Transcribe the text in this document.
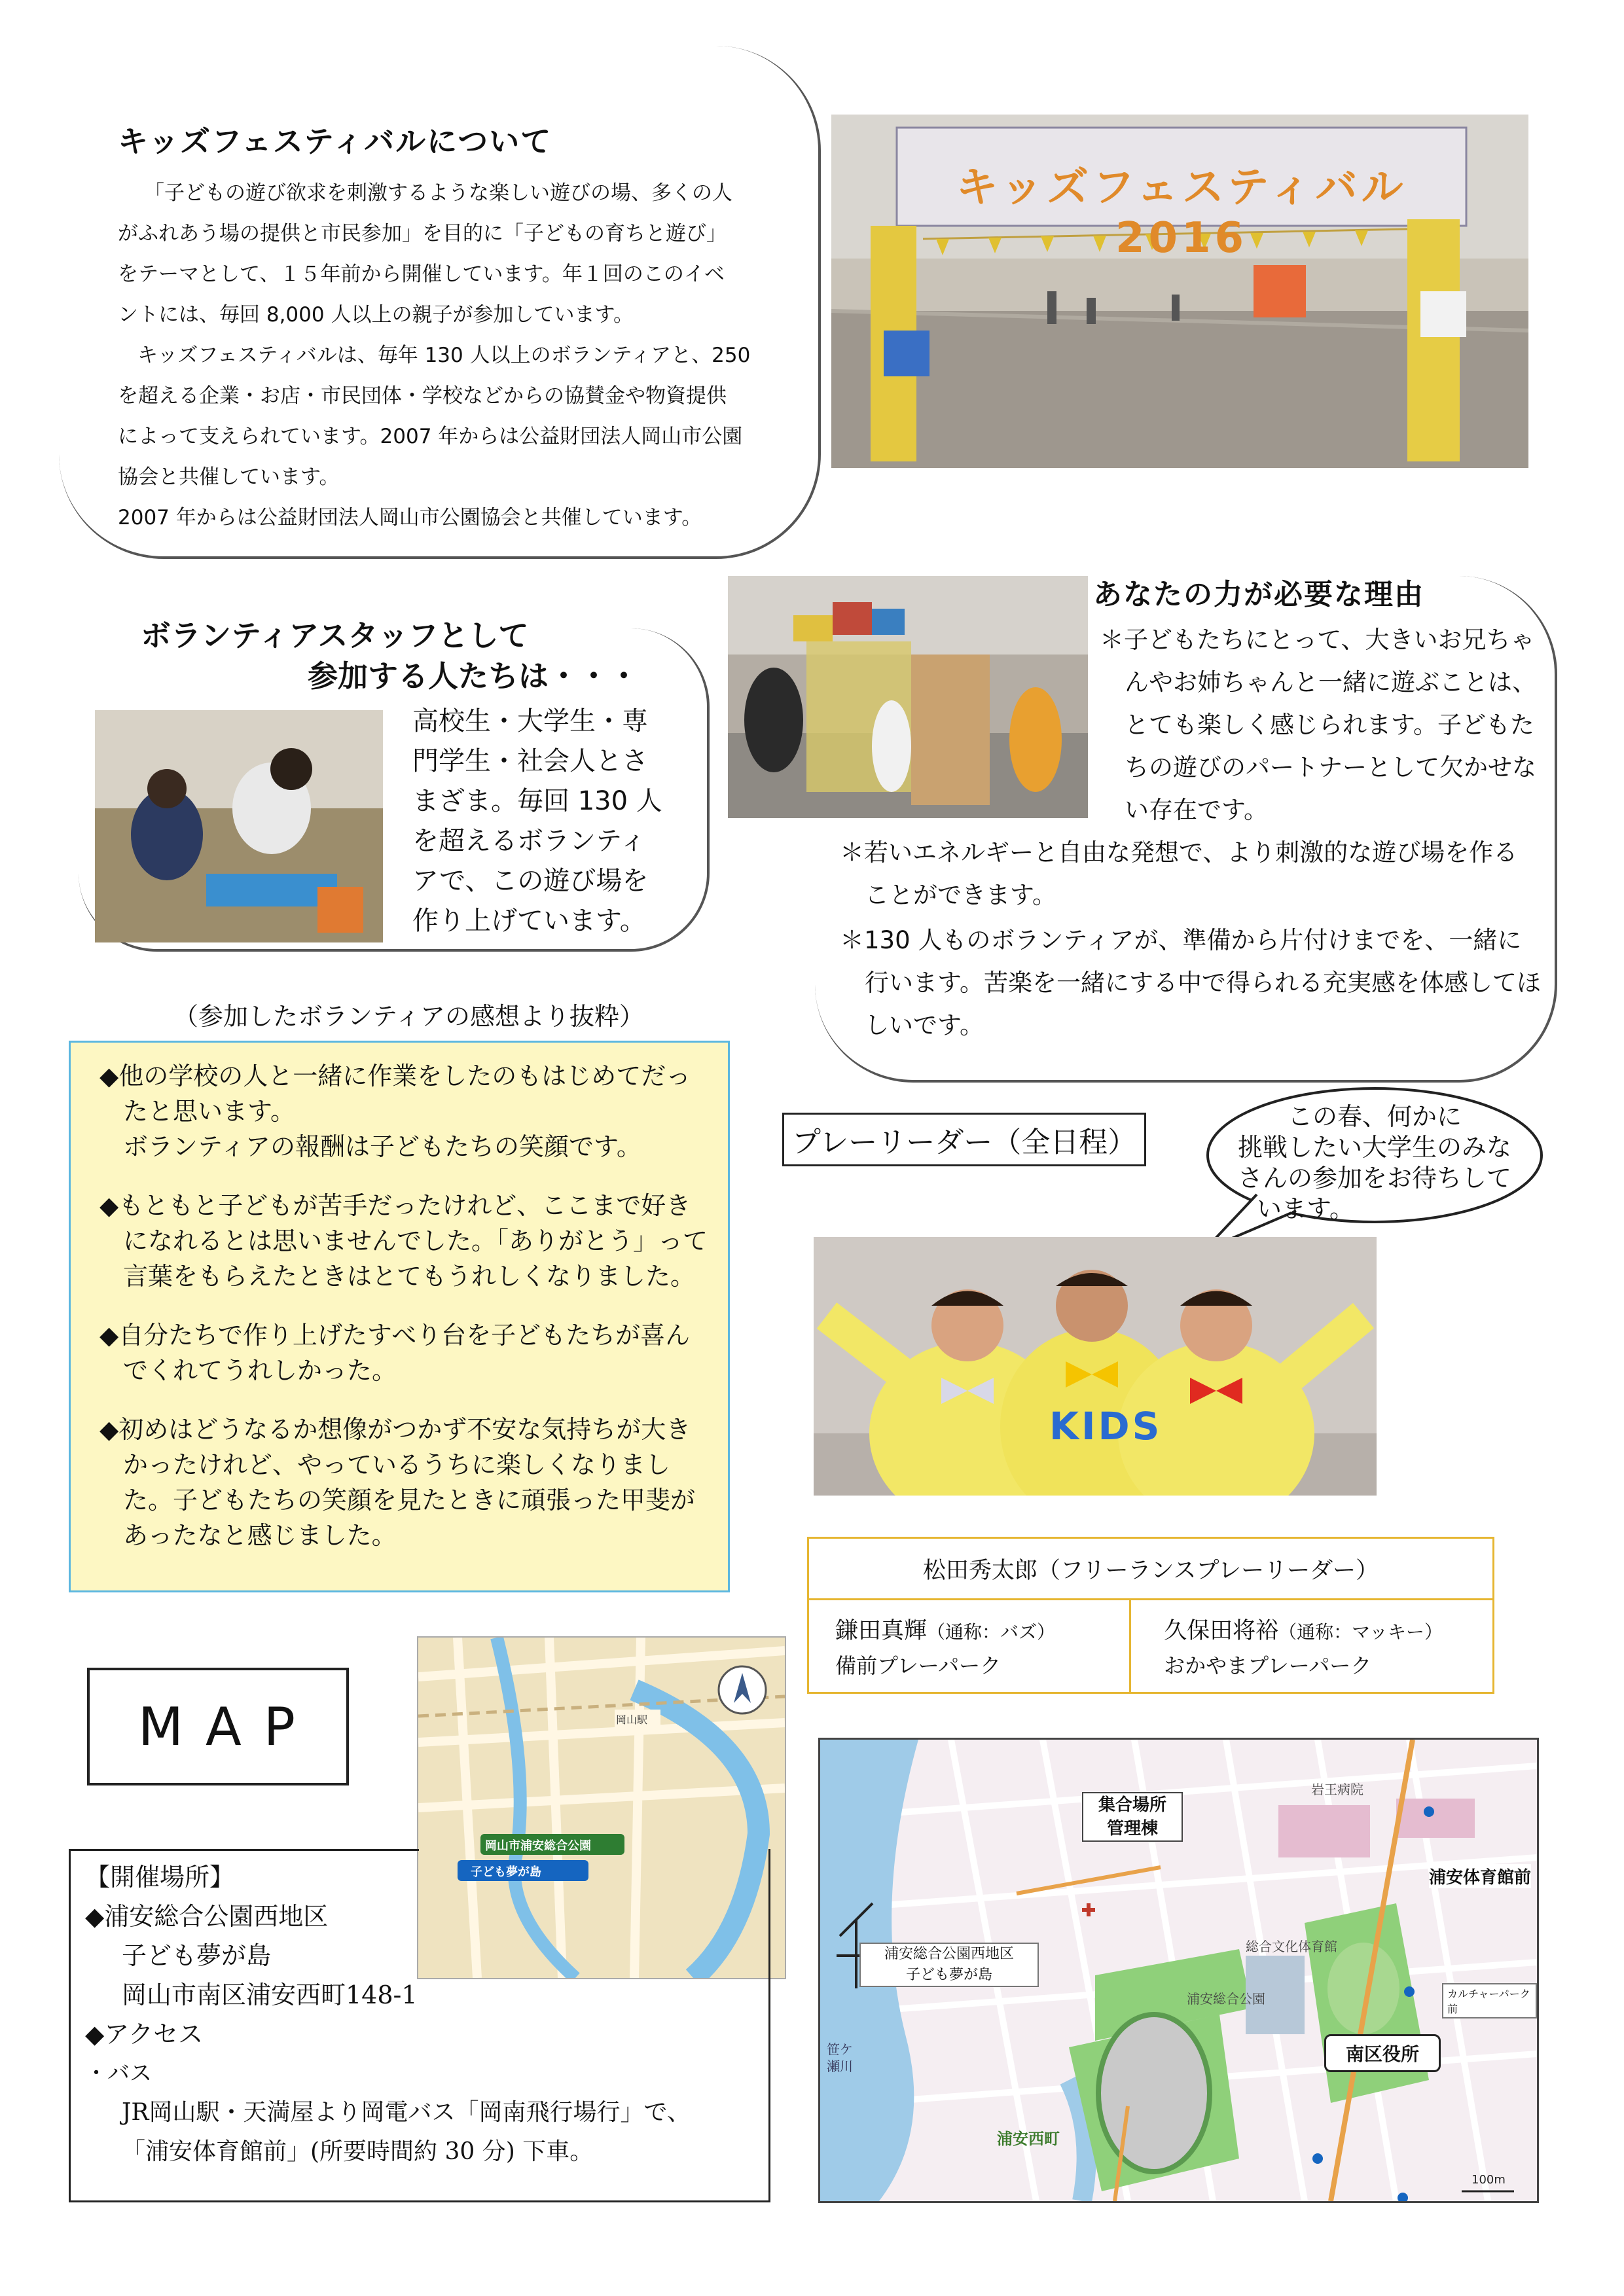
キッズフェスティバルについて
「子どもの遊び欲求を刺激するような楽しい遊びの場、多くの人
がふれあう場の提供と市民参加」を目的に「子どもの育ちと遊び」
をテーマとして、１５年前から開催しています。年１回のこのイベ
ントには、毎回 8,000 人以上の親子が参加しています。
キッズフェスティバルは、毎年 130 人以上のボランティアと、250
を超える企業・お店・市民団体・学校などからの協賛金や物資提供
によって支えられています。2007 年からは公益財団法人岡山市公園
協会と共催しています。
2007 年からは公益財団法人岡山市公園協会と共催しています。
キッズフェスティバル2016
ボランティアスタッフとして
参加する人たちは・・・
高校生・大学生・専
門学生・社会人とさ
まざま。毎回 130 人
を超えるボランティ
アで、この遊び場を
作り上げています。
あなたの力が必要な理由

＊子どもたちにとって、大きいお兄ちゃんやお姉ちゃんと一緒に遊ぶことは、とても楽しく感じられます。子どもたちの遊びのパートナーとして欠かせない存在です。

＊若いエネルギーと自由な発想で、より刺激的な遊び場を作ることができます。

＊130 人ものボランティアが、準備から片付けまでを、一緒に行います。苦楽を一緒にする中で得られる充実感を体感してほしいです。

（参加したボランティアの感想より抜粋）

◆他の学校の人と一緒に作業をしたのもはじめてだったと思います。

ボランティアの報酬は子どもたちの笑顔です。

◆もともと子どもが苦手だったけれど、ここまで好きになれるとは思いませんでした。「ありがとう」って言葉をもらえたときはとてもうれしくなりました。

◆自分たちで作り上げたすべり台を子どもたちが喜んでくれてうれしかった。

◆初めはどうなるか想像がつかず不安な気持ちが大きかったけれど、やっているうちに楽しくなりました。子どもたちの笑顔を見たときに頑張った甲斐があったなと感じました。

プレーリーダー（全日程）
この春、何かに
挑戦したい大学生のみな
さんの参加をお待ちして
います。
KIDS
松田秀太郎（フリーランスプレーリーダー）

鎌田真輝（通称：バズ）
備前プレーパーク

久保田将裕（通称：マッキー）
おかやまプレーパーク
MAP
岡山市浦安総合公園
子ども夢が島
岡山駅

【開催場所】

◆浦安総合公園西地区

子ども夢が島

岡山市南区浦安西町148-1

◆アクセス

・バス

JR岡山駅・天満屋より岡電バス「岡南飛行場行」で、

「浦安体育館前」(所要時間約 30 分) 下車。

集合場所
管理棟
浦安体育館前
浦安総合公園西地区
子ども夢が島
カルチャーパーク前
南区役所
浦安西町
笹ケ瀬川
総合文化体育館
浦安総合公園
岩王病院
100m
